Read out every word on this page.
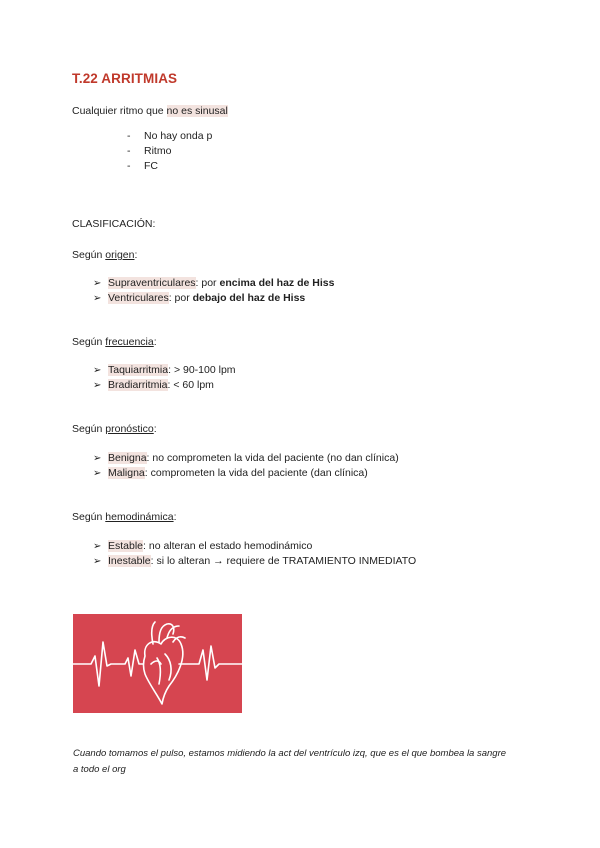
T.22 ARRITMIAS
Cualquier ritmo que no es sinusal
- No hay onda p
- Ritmo
- FC
CLASIFICACIÓN:
Según origen:
➢ Supraventriculares: por encima del haz de Hiss
➢ Ventriculares: por debajo del haz de Hiss
Según frecuencia:
➢ Taquiarritmia: > 90-100 lpm
➢ Bradiarritmia: < 60 lpm
Según pronóstico:
➢ Benigna: no comprometen la vida del paciente (no dan clínica)
➢ Maligna: comprometen la vida del paciente (dan clínica)
Según hemodinámica:
➢ Estable: no alteran el estado hemodinámico
➢ Inestable: si lo alteran → requiere de TRATAMIENTO INMEDIATO
Cuando tomamos el pulso, estamos midiendo la act del ventrículo izq, que es el que bombea la sangre a todo el org
